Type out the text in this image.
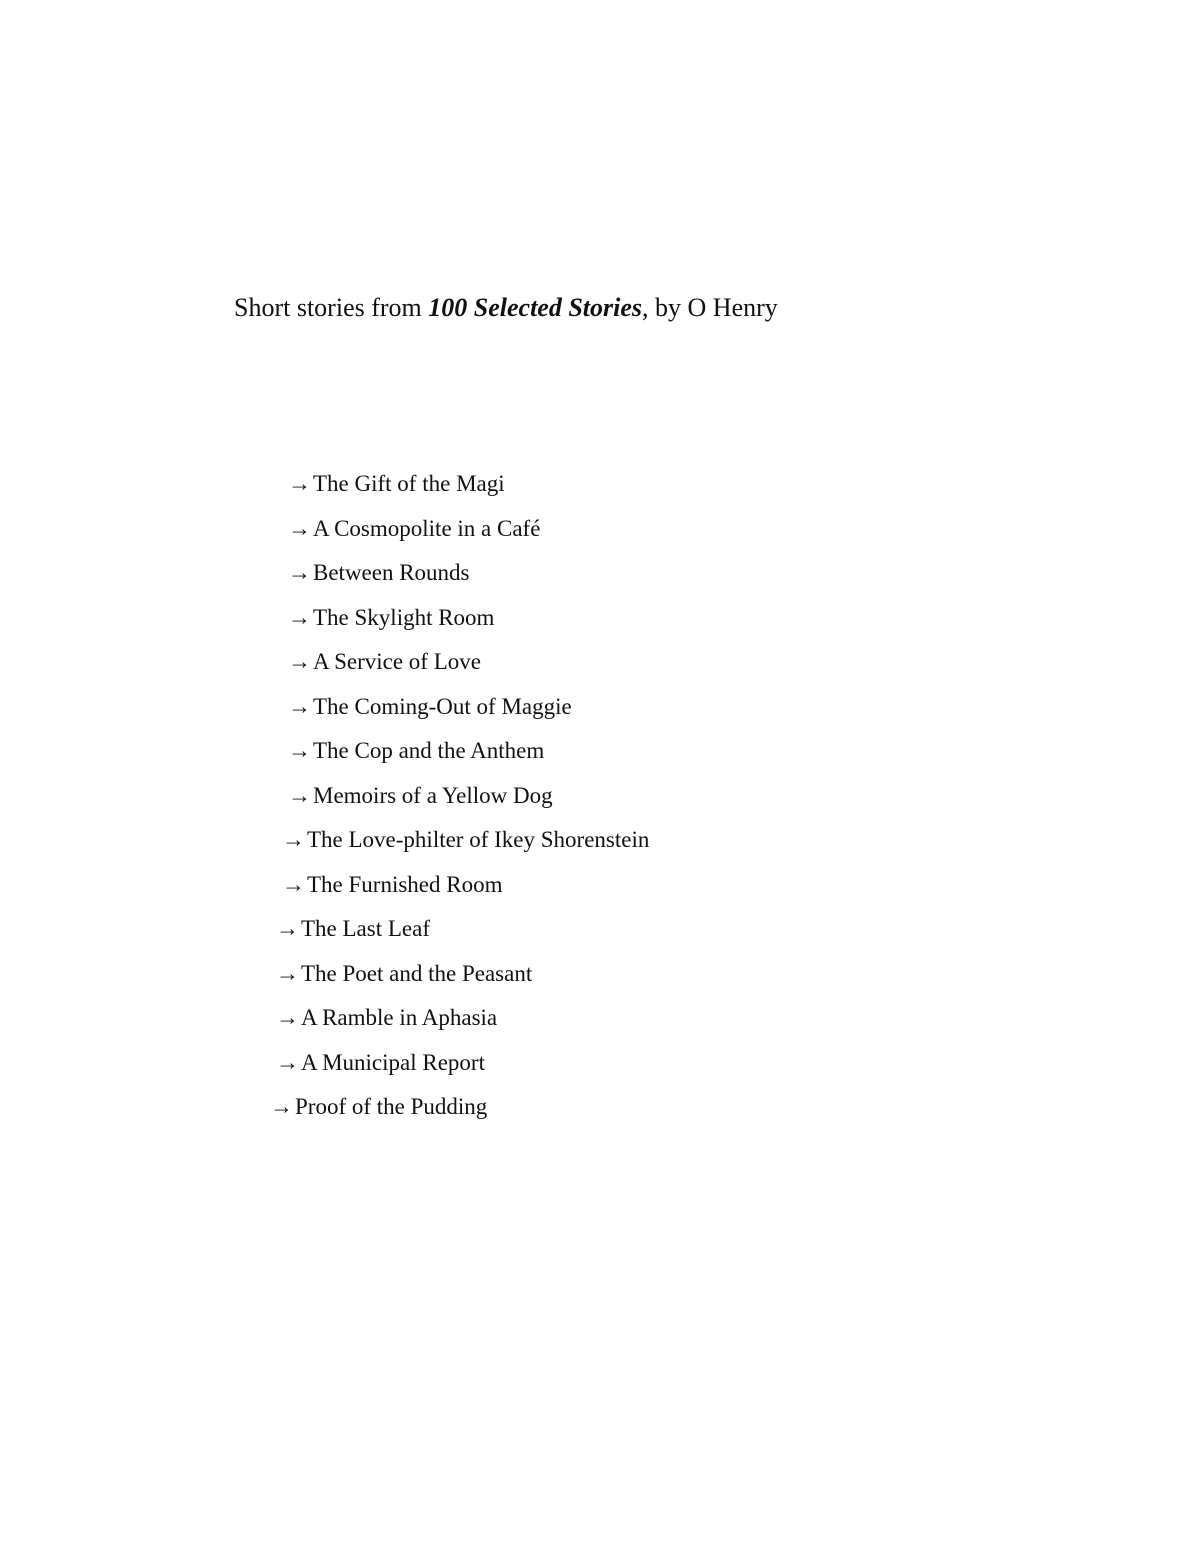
Short stories from 100 Selected Stories, by O Henry
→The Gift of the Magi
→A Cosmopolite in a Café
→Between Rounds
→The Skylight Room
→A Service of Love
→The Coming-Out of Maggie
→The Cop and the Anthem
→Memoirs of a Yellow Dog
→The Love-philter of Ikey Shorenstein
→The Furnished Room
→The Last Leaf
→The Poet and the Peasant
→A Ramble in Aphasia
→A Municipal Report
→Proof of the Pudding
